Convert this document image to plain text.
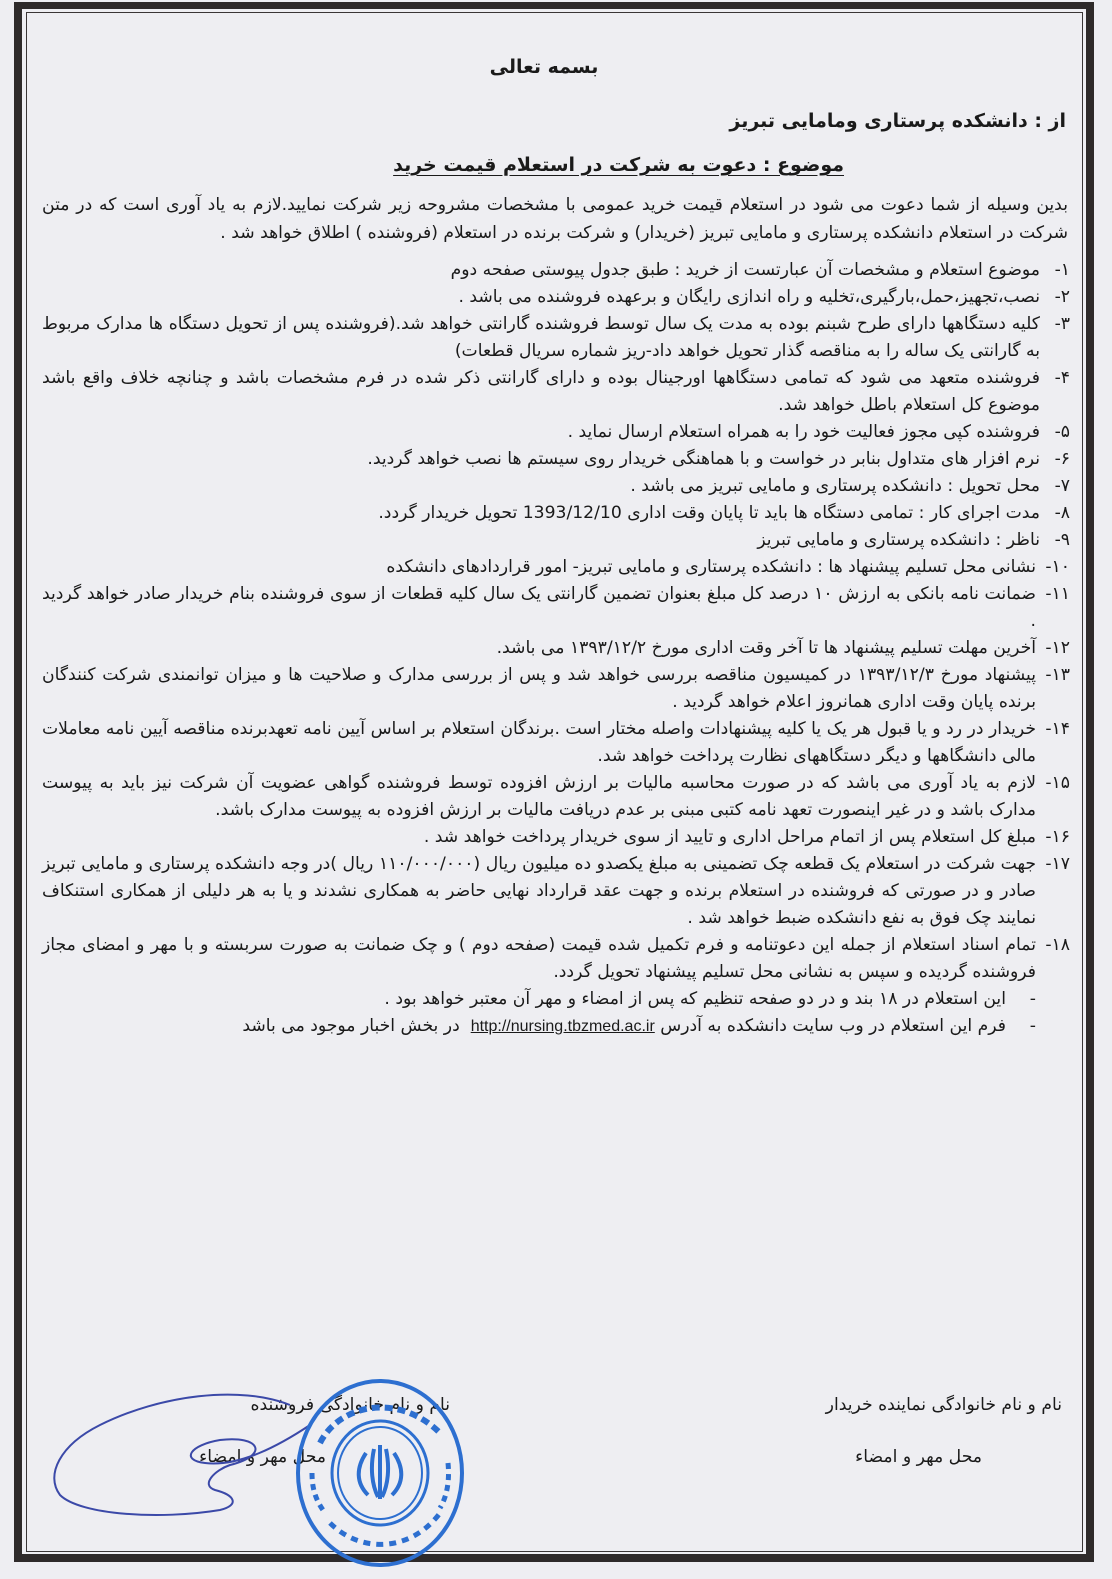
بسمه تعالی
از : دانشکده پرستاری ومامایی تبریز
موضوع : دعوت به شرکت در استعلام قیمت خرید

بدین وسیله از شما دعوت می شود در استعلام قیمت خرید عمومی با مشخصات مشروحه زیر شرکت نمایید.لازم به یاد آوری است که در متن شرکت در استعلام دانشکده پرستاری و مامایی تبریز (خریدار) و شرکت برنده در استعلام (فروشنده ) اطلاق خواهد شد .

۱-
موضوع استعلام و مشخصات آن عبارتست از خرید : طبق جدول پیوستی صفحه دوم
۲-
نصب،تجهیز،حمل،بارگیری،تخلیه و راه اندازی رایگان و برعهده فروشنده می باشد .
۳-
کلیه دستگاهها دارای طرح شبنم بوده به مدت یک سال توسط فروشنده گارانتی خواهد شد.(فروشنده پس از تحویل دستگاه ها مدارک مربوط به گارانتی یک ساله را به مناقصه گذار تحویل خواهد داد-ریز شماره سریال قطعات)
۴-
فروشنده متعهد می شود که تمامی دستگاهها اورجینال بوده و دارای گارانتی ذکر شده در فرم مشخصات باشد و چنانچه خلاف واقع باشد موضوع کل استعلام باطل خواهد شد.
۵-
فروشنده کپی مجوز فعالیت خود را به همراه استعلام ارسال نماید .
۶-
نرم افزار های متداول بنابر در خواست و با هماهنگی خریدار روی سیستم ها نصب خواهد گردید.
۷-
محل تحویل : دانشکده پرستاری و مامایی تبریز می باشد .
۸-
مدت اجرای کار : تمامی دستگاه ها باید تا پایان وقت اداری 1393/12/10 تحویل خریدار گردد.
۹-
ناظر : دانشکده پرستاری و مامایی تبریز
۱۰-
نشانی محل تسلیم پیشنهاد ها : دانشکده پرستاری و مامایی تبریز- امور قراردادهای دانشکده
۱۱-
ضمانت نامه بانکی به ارزش ۱۰ درصد کل مبلغ بعنوان تضمین گارانتی یک سال کلیه قطعات از سوی فروشنده بنام خریدار صادر خواهد گردید .
۱۲-
آخرین مهلت تسلیم پیشنهاد ها تا آخر وقت اداری مورخ ۱۳۹۳/۱۲/۲ می باشد.
۱۳-
پیشنهاد مورخ ۱۳۹۳/۱۲/۳ در کمیسیون مناقصه بررسی خواهد شد و پس از بررسی مدارک و صلاحیت ها و میزان توانمندی شرکت کنندگان برنده پایان وقت اداری همانروز اعلام خواهد گردید .
۱۴-
خریدار در رد و یا قبول هر یک یا کلیه پیشنهادات واصله مختار است .برندگان استعلام بر اساس آیین نامه تعهدبرنده مناقصه آیین نامه معاملات مالی دانشگاهها و دیگر دستگاههای نظارت پرداخت خواهد شد.
۱۵-
لازم به یاد آوری می باشد که در صورت محاسبه مالیات بر ارزش افزوده توسط فروشنده گواهی عضویت آن شرکت نیز باید به پیوست مدارک باشد و در غیر اینصورت تعهد نامه کتبی مبنی بر عدم دریافت مالیات بر ارزش افزوده به پیوست مدارک باشد.
۱۶-
مبلغ کل استعلام پس از اتمام مراحل اداری و تایید از سوی خریدار پرداخت خواهد شد .
۱۷-
جهت شرکت در استعلام یک قطعه چک تضمینی به مبلغ یکصدو ده میلیون ریال (۱۱۰/۰۰۰/۰۰۰ ریال )در وجه دانشکده پرستاری و مامایی تبریز صادر و در صورتی که فروشنده در استعلام برنده و جهت عقد قرارداد نهایی حاضر به همکاری نشدند و یا به هر دلیلی از همکاری استنکاف نمایند چک فوق به نفع دانشکده ضبط خواهد شد .
۱۸-
تمام اسناد استعلام از جمله این دعوتنامه و فرم تکمیل شده قیمت (صفحه دوم ) و چک ضمانت به صورت سربسته و با مهر و امضای مجاز فروشنده گردیده و سپس به نشانی محل تسلیم پیشنهاد تحویل گردد.
-
این استعلام در ۱۸ بند و در دو صفحه تنظیم که پس از امضاء و مهر آن معتبر خواهد بود .
-
فرم این استعلام در وب سایت دانشکده به آدرس http://nursing.tbzmed.ac.ir  در بخش اخبار موجود می باشد
نام و نام خانوادگی نماینده خریدار
محل مهر و امضاء
نام و نام خانوادگی فروشنده
محل مهر و امضاء
